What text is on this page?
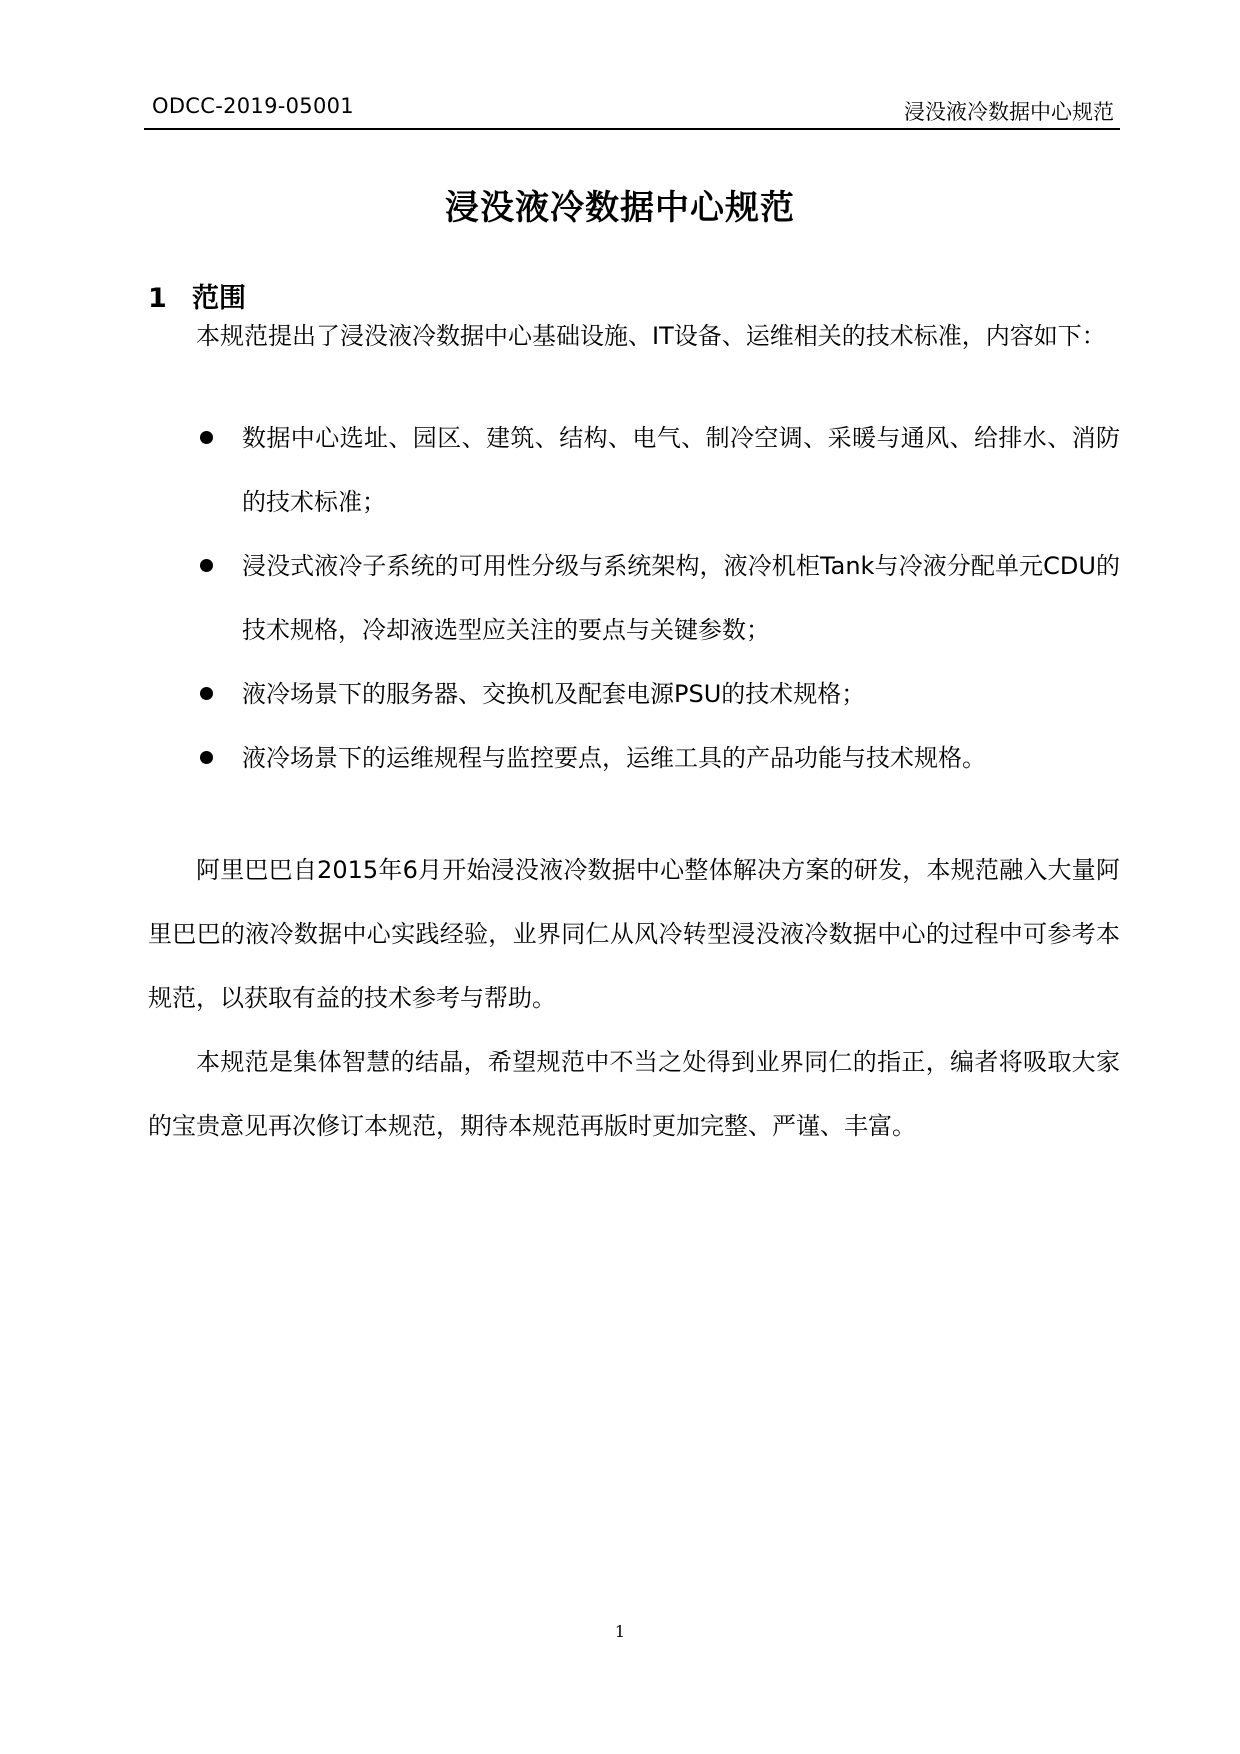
ODCC-2019-05001	浸没液冷数据中心规范
浸没液冷数据中心规范
1 范围

本规范提出了浸没液冷数据中心基础设施、IT设备、运维相关的技术标准，内容如下：

数据中心选址、园区、建筑、结构、电气、制冷空调、采暖与通风、给排水、消防的技术标准；
浸没式液冷子系统的可用性分级与系统架构，液冷机柜Tank与冷液分配单元CDU的技术规格，冷却液选型应关注的要点与关键参数；
液冷场景下的服务器、交换机及配套电源PSU的技术规格；
液冷场景下的运维规程与监控要点，运维工具的产品功能与技术规格。

阿里巴巴自2015年6月开始浸没液冷数据中心整体解决方案的研发，本规范融入大量阿里巴巴的液冷数据中心实践经验，业界同仁从风冷转型浸没液冷数据中心的过程中可参考本规范，以获取有益的技术参考与帮助。

本规范是集体智慧的结晶，希望规范中不当之处得到业界同仁的指正，编者将吸取大家的宝贵意见再次修订本规范，期待本规范再版时更加完整、严谨、丰富。

1
